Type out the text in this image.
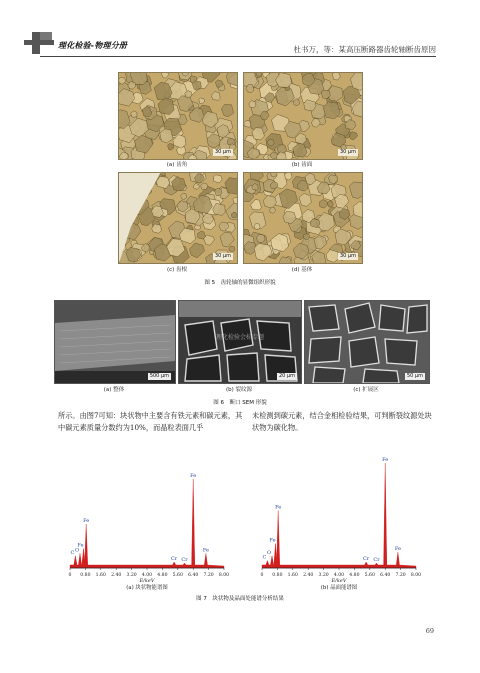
理化检验-物理分册	杜书万，等：某高压断路器齿轮轴断齿原因
30 μm	30 μm
(a) 齿角	(b) 齿面
30 μm	30 μm
(c) 齿根	(d) 基体
图 5　齿轮轴的显微组织形貌
500 μm
理化检验会标专题
20 μm	50 μm
(a) 整体	(b) 裂纹源	(c) 扩展区
图 6　断口 SEM 形貌
所示。由图7可知：块状物中主要含有铁元素和碳元素，其中碳元素质量分数约为10%，而晶粒表面几乎
未检测到碳元素，结合金相检验结果，可判断裂纹源处块状物为碳化物。
0 0.80 1.60 2.40 3.20 4.00 4.80 5.60 6.40 7.20 8.00
C O
Fe
Fe
Cr Cr
Fe
Fe
E/keV
(a) 块状物能谱图
0 0.80 1.60 2.40 3.20 4.00 4.80 5.60 6.40 7.20 8.00
C
O
Fe
Fe
Cr Cr
Fe
Fe
E/keV
(b) 晶面能谱图
图 7　块状物及晶面处能谱分析结果
69
